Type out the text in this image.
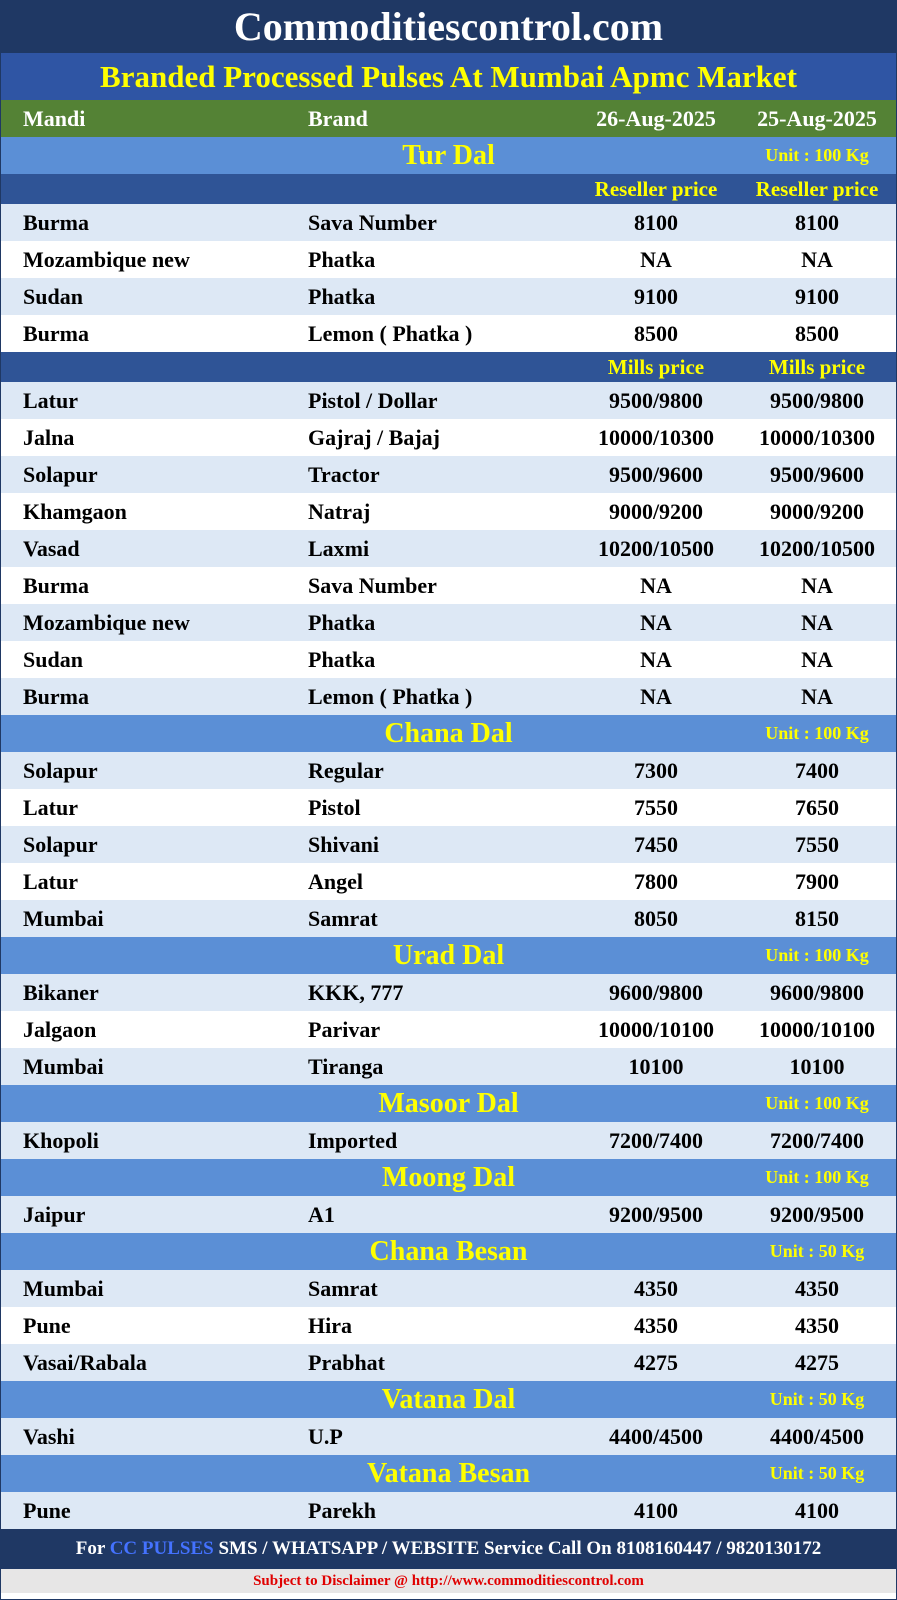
Commoditiescontrol.com
Branded Processed Pulses At Mumbai Apmc Market
Mandi	Brand	26-Aug-2025	25-Aug-2025
Tur Dal	Unit : 100 Kg
Reseller price	Reseller price
Burma	Sava Number	8100	8100
Mozambique new	Phatka	NA	NA
Sudan	Phatka	9100	9100
Burma	Lemon ( Phatka )	8500	8500
Mills price	Mills price
Latur	Pistol / Dollar	9500/9800	9500/9800
Jalna	Gajraj / Bajaj	10000/10300	10000/10300
Solapur	Tractor	9500/9600	9500/9600
Khamgaon	Natraj	9000/9200	9000/9200
Vasad	Laxmi	10200/10500	10200/10500
Burma	Sava Number	NA	NA
Mozambique new	Phatka	NA	NA
Sudan	Phatka	NA	NA
Burma	Lemon ( Phatka )	NA	NA
Chana Dal	Unit : 100 Kg
Solapur	Regular	7300	7400
Latur	Pistol	7550	7650
Solapur	Shivani	7450	7550
Latur	Angel	7800	7900
Mumbai	Samrat	8050	8150
Urad Dal	Unit : 100 Kg
Bikaner	KKK, 777	9600/9800	9600/9800
Jalgaon	Parivar	10000/10100	10000/10100
Mumbai	Tiranga	10100	10100
Masoor Dal	Unit : 100 Kg
Khopoli	Imported	7200/7400	7200/7400
Moong Dal	Unit : 100 Kg
Jaipur	A1	9200/9500	9200/9500
Chana Besan	Unit : 50 Kg
Mumbai	Samrat	4350	4350
Pune	Hira	4350	4350
Vasai/Rabala	Prabhat	4275	4275
Vatana Dal	Unit : 50 Kg
Vashi	U.P	4400/4500	4400/4500
Vatana Besan	Unit : 50 Kg
Pune	Parekh	4100	4100
For CC PULSES SMS / WHATSAPP / WEBSITE Service Call On 8108160447 / 9820130172
Subject to Disclaimer @ http://www.commoditiescontrol.com
